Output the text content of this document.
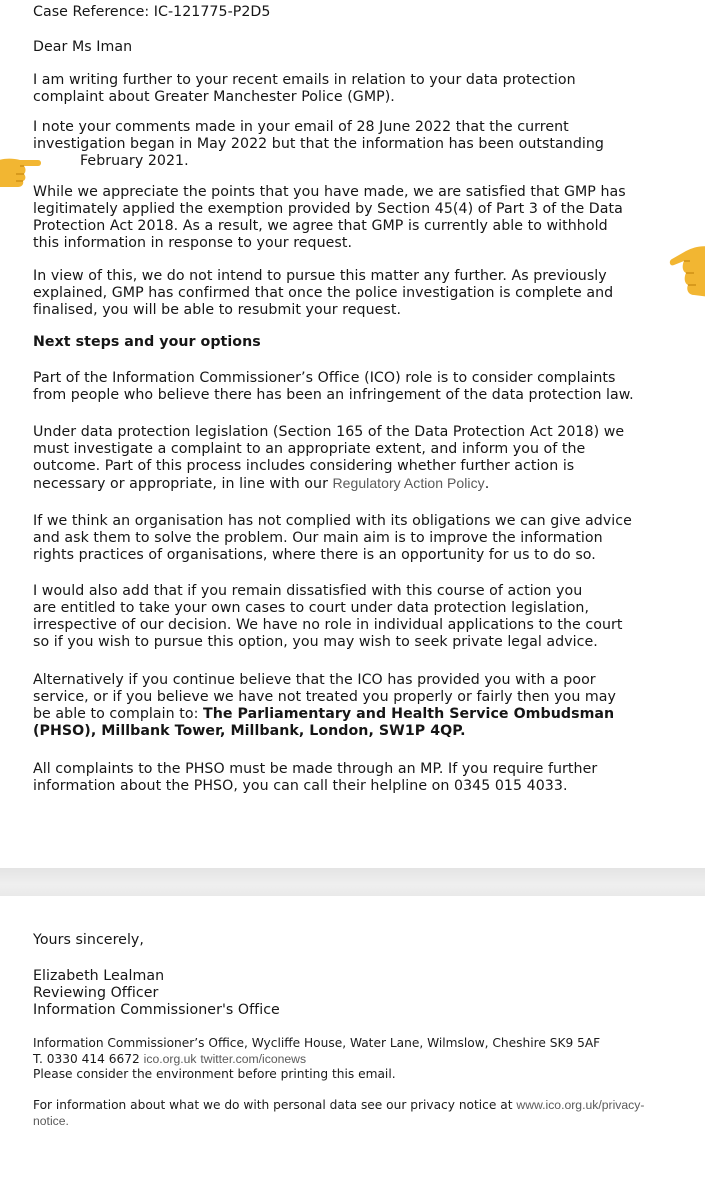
Case Reference: IC-121775-P2D5

Dear Ms Iman

I am writing further to your recent emails in relation to your data protection
complaint about Greater Manchester Police (GMP).

I note your comments made in your email of 28 June 2022 that the current
investigation began in May 2022 but that the information has been outstanding
February 2021.

While we appreciate the points that you have made, we are satisfied that GMP has
legitimately applied the exemption provided by Section 45(4) of Part 3 of the Data
Protection Act 2018. As a result, we agree that GMP is currently able to withhold
this information in response to your request.

In view of this, we do not intend to pursue this matter any further. As previously
explained, GMP has confirmed that once the police investigation is complete and
finalised, you will be able to resubmit your request.

Next steps and your options

Part of the Information Commissioner’s Office (ICO) role is to consider complaints
from people who believe there has been an infringement of the data protection law.

Under data protection legislation (Section 165 of the Data Protection Act 2018) we
must investigate a complaint to an appropriate extent, and inform you of the
outcome. Part of this process includes considering whether further action is
necessary or appropriate, in line with our Regulatory Action Policy.

If we think an organisation has not complied with its obligations we can give advice
and ask them to solve the problem. Our main aim is to improve the information
rights practices of organisations, where there is an opportunity for us to do so.

I would also add that if you remain dissatisfied with this course of action you
are entitled to take your own cases to court under data protection legislation,
irrespective of our decision. We have no role in individual applications to the court
so if you wish to pursue this option, you may wish to seek private legal advice.

Alternatively if you continue believe that the ICO has provided you with a poor
service, or if you believe we have not treated you properly or fairly then you may
be able to complain to: The Parliamentary and Health Service Ombudsman
(PHSO), Millbank Tower, Millbank, London, SW1P 4QP.

All complaints to the PHSO must be made through an MP. If you require further
information about the PHSO, you can call their helpline on 0345 015 4033.

Yours sincerely,

Elizabeth Lealman
Reviewing Officer
Information Commissioner's Office

Information Commissioner’s Office, Wycliffe House, Water Lane, Wilmslow, Cheshire SK9 5AF
T. 0330 414 6672 ico.org.uk twitter.com/iconews
Please consider the environment before printing this email.

For information about what we do with personal data see our privacy notice at www.ico.org.uk/privacy-
notice.
